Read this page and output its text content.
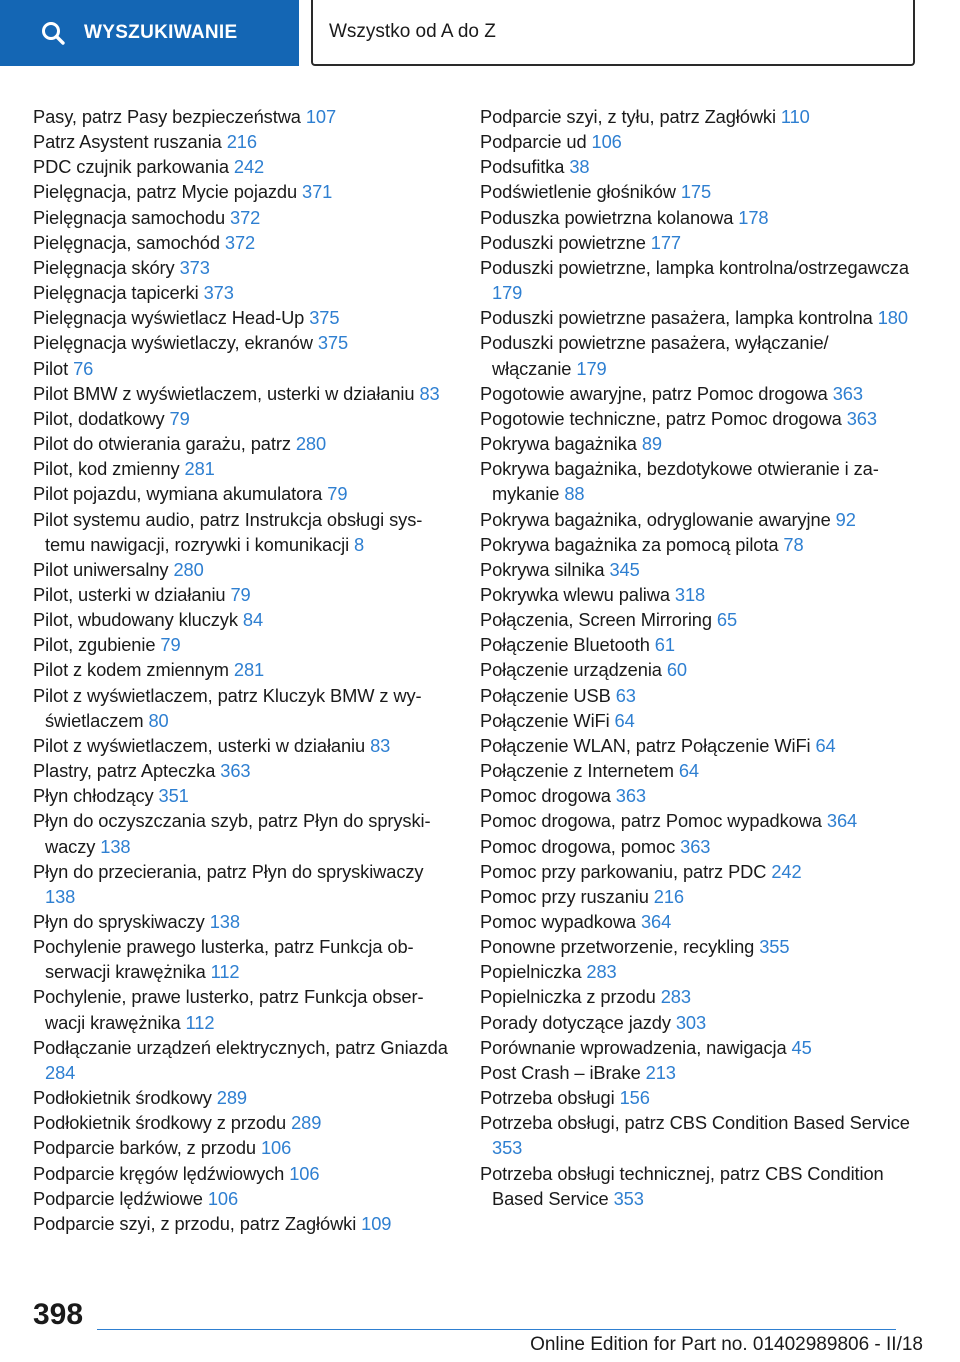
WYSZUKIWANIE	Wszystko od A do Z
Pasy, patrz Pasy bezpieczeństwa 107
Patrz Asystent ruszania 216
PDC czujnik parkowania 242
Pielęgnacja, patrz Mycie pojazdu 371
Pielęgnacja samochodu 372
Pielęgnacja, samochód 372
Pielęgnacja skóry 373
Pielęgnacja tapicerki 373
Pielęgnacja wyświetlacz Head-Up 375
Pielęgnacja wyświetlaczy, ekranów 375
Pilot 76
Pilot BMW z wyświetlaczem, usterki w działaniu 83
Pilot, dodatkowy 79
Pilot do otwierania garażu, patrz 280
Pilot, kod zmienny 281
Pilot pojazdu, wymiana akumulatora 79
Pilot systemu audio, patrz Instrukcja obsługi systemu nawigacji, rozrywki i komunikacji 8
Pilot uniwersalny 280
Pilot, usterki w działaniu 79
Pilot, wbudowany kluczyk 84
Pilot, zgubienie 79
Pilot z kodem zmiennym 281
Pilot z wyświetlaczem, patrz Kluczyk BMW z wyświetlaczem 80
Pilot z wyświetlaczem, usterki w działaniu 83
Plastry, patrz Apteczka 363
Płyn chłodzący 351
Płyn do oczyszczania szyb, patrz Płyn do spryskiwaczy 138
Płyn do przecierania, patrz Płyn do spryskiwaczy 138
Płyn do spryskiwaczy 138
Pochylenie prawego lusterka, patrz Funkcja obserwacji krawężnika 112
Pochylenie, prawe lusterko, patrz Funkcja obserwacji krawężnika 112
Podłączanie urządzeń elektrycznych, patrz Gniazda 284
Podłokietnik środkowy 289
Podłokietnik środkowy z przodu 289
Podparcie barków, z przodu 106
Podparcie kręgów lędźwiowych 106
Podparcie lędźwiowe 106
Podparcie szyi, z przodu, patrz Zagłówki 109
Podparcie szyi, z tyłu, patrz Zagłówki 110
Podparcie ud 106
Podsufitka 38
Podświetlenie głośników 175
Poduszka powietrzna kolanowa 178
Poduszki powietrzne 177
Poduszki powietrzne, lampka kontrolna/ostrzegawcza 179
Poduszki powietrzne pasażera, lampka kontrolna 180
Poduszki powietrzne pasażera, wyłączanie/ włączanie 179
Pogotowie awaryjne, patrz Pomoc drogowa 363
Pogotowie techniczne, patrz Pomoc drogowa 363
Pokrywa bagażnika 89
Pokrywa bagażnika, bezdotykowe otwieranie i zamykanie 88
Pokrywa bagażnika, odryglowanie awaryjne 92
Pokrywa bagażnika za pomocą pilota 78
Pokrywa silnika 345
Pokrywka wlewu paliwa 318
Połączenia, Screen Mirroring 65
Połączenie Bluetooth 61
Połączenie urządzenia 60
Połączenie USB 63
Połączenie WiFi 64
Połączenie WLAN, patrz Połączenie WiFi 64
Połączenie z Internetem 64
Pomoc drogowa 363
Pomoc drogowa, patrz Pomoc wypadkowa 364
Pomoc drogowa, pomoc 363
Pomoc przy parkowaniu, patrz PDC 242
Pomoc przy ruszaniu 216
Pomoc wypadkowa 364
Ponowne przetworzenie, recykling 355
Popielniczka 283
Popielniczka z przodu 283
Porady dotyczące jazdy 303
Porównanie wprowadzenia, nawigacja 45
Post Crash – iBrake 213
Potrzeba obsługi 156
Potrzeba obsługi, patrz CBS Condition Based Service 353
Potrzeba obsługi technicznej, patrz CBS Condition Based Service 353
398
Online Edition for Part no. 01402989806 - II/18
